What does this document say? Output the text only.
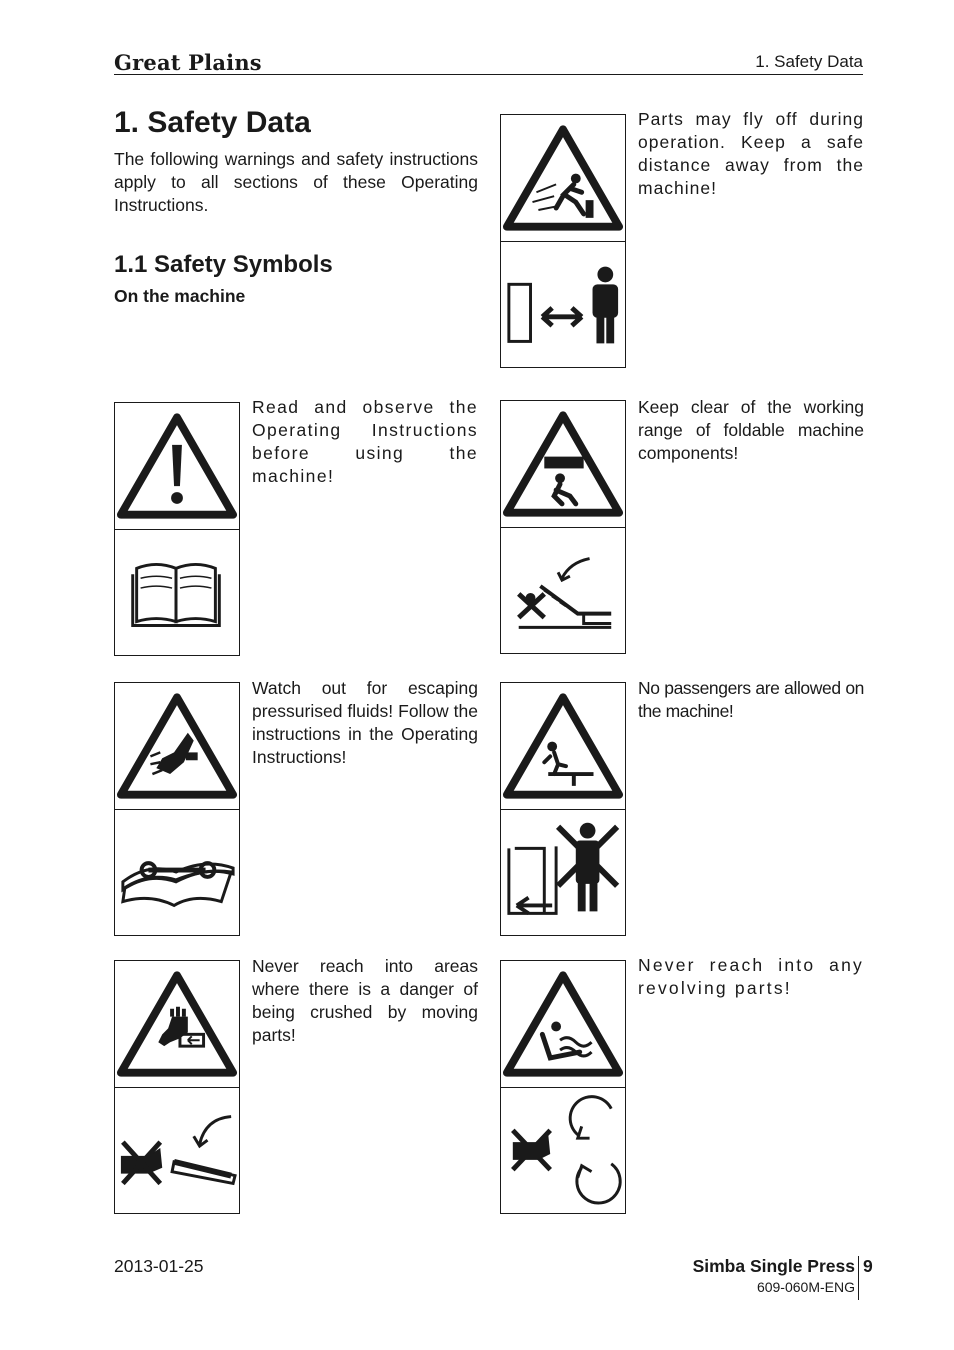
Great Plains	1. Safety Data
1. Safety Data

The following warnings and safety instructions apply to all sections of these Operating Instructions.

1.1 Safety Symbols
On the machine

Parts may fly off during operation. Keep a safe distance away from the machine!

Read and observe the Operating Instructions before using the machine!

Keep clear of the working range of foldable machine components!

Watch out for escaping pressurised fluids! Follow the instructions in the Operating Instructions!

No passengers are allowed on the machine!

Never reach into areas where there is a danger of being crushed by moving parts!

Never reach into any revolving parts!

2013-01-25	Simba Single Press
609-060M-ENG
9
